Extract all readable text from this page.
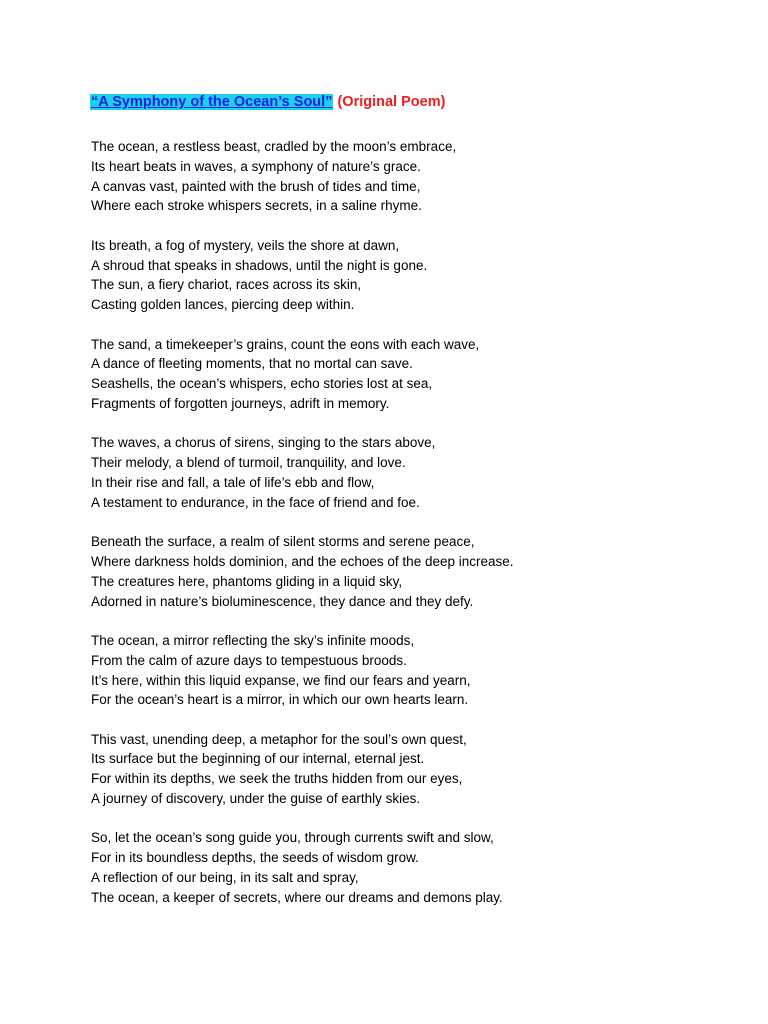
“A Symphony of the Ocean’s Soul” (Original Poem)
The ocean, a restless beast, cradled by the moon’s embrace,
Its heart beats in waves, a symphony of nature’s grace.
A canvas vast, painted with the brush of tides and time,
Where each stroke whispers secrets, in a saline rhyme.
Its breath, a fog of mystery, veils the shore at dawn,
A shroud that speaks in shadows, until the night is gone.
The sun, a fiery chariot, races across its skin,
Casting golden lances, piercing deep within.
The sand, a timekeeper’s grains, count the eons with each wave,
A dance of fleeting moments, that no mortal can save.
Seashells, the ocean’s whispers, echo stories lost at sea,
Fragments of forgotten journeys, adrift in memory.
The waves, a chorus of sirens, singing to the stars above,
Their melody, a blend of turmoil, tranquility, and love.
In their rise and fall, a tale of life’s ebb and flow,
A testament to endurance, in the face of friend and foe.
Beneath the surface, a realm of silent storms and serene peace,
Where darkness holds dominion, and the echoes of the deep increase.
The creatures here, phantoms gliding in a liquid sky,
Adorned in nature’s bioluminescence, they dance and they defy.
The ocean, a mirror reflecting the sky’s infinite moods,
From the calm of azure days to tempestuous broods.
It’s here, within this liquid expanse, we find our fears and yearn,
For the ocean’s heart is a mirror, in which our own hearts learn.
This vast, unending deep, a metaphor for the soul’s own quest,
Its surface but the beginning of our internal, eternal jest.
For within its depths, we seek the truths hidden from our eyes,
A journey of discovery, under the guise of earthly skies.
So, let the ocean’s song guide you, through currents swift and slow,
For in its boundless depths, the seeds of wisdom grow.
A reflection of our being, in its salt and spray,
The ocean, a keeper of secrets, where our dreams and demons play.
